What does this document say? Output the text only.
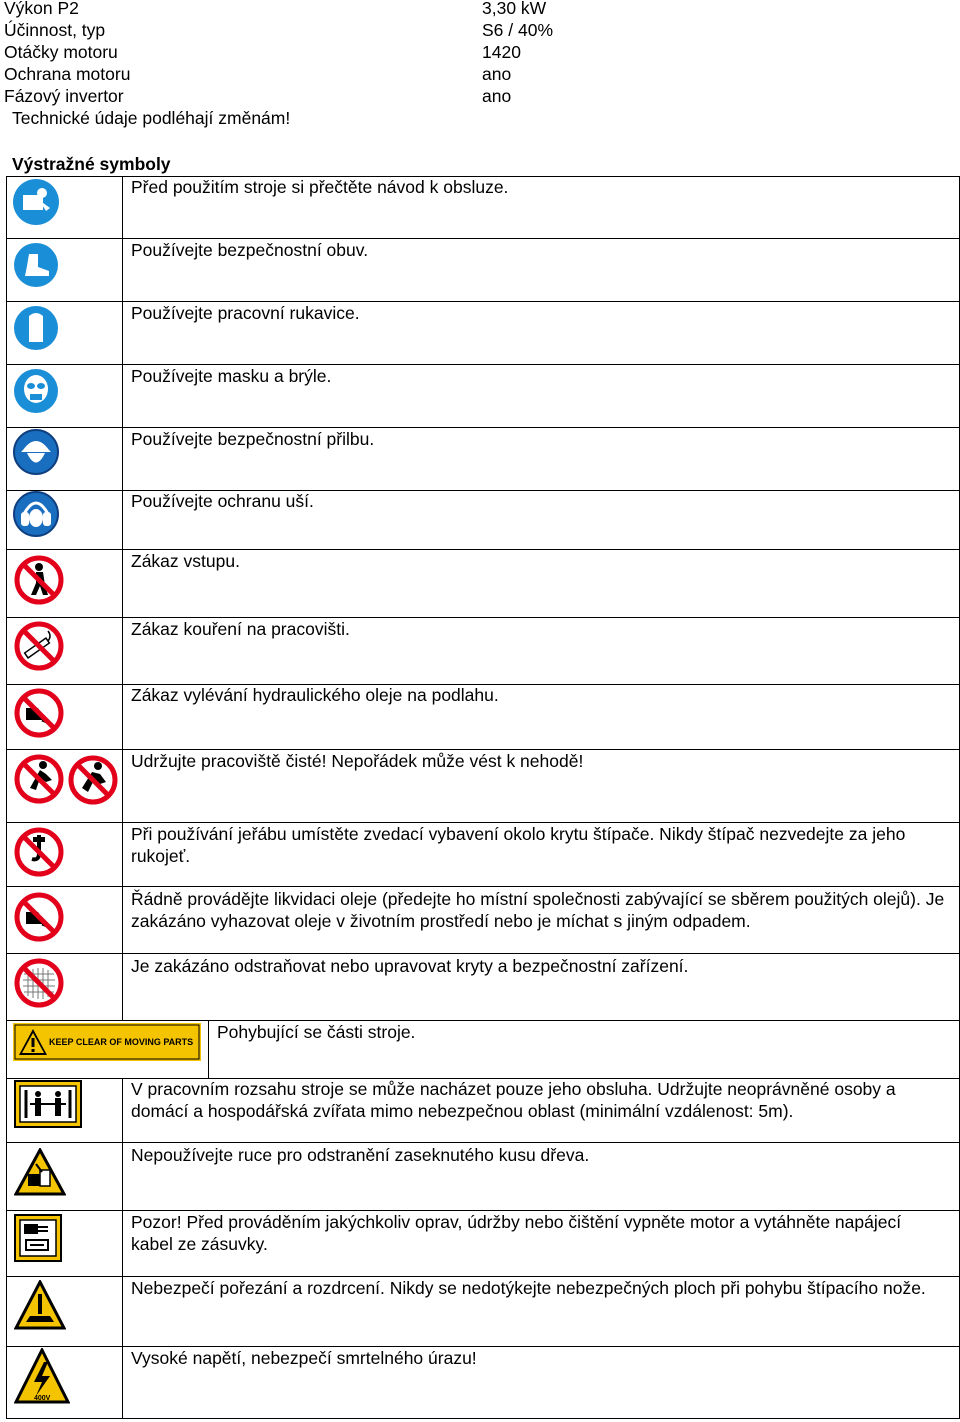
Výkon P2	3,30 kW
Účinnost, typ	S6 / 40%
Otáčky motoru	1420
Ochrana motoru	ano
Fázový invertor	ano
Technické údaje podléhají změnám!
Výstražné symboly
Před použitím stroje si přečtěte návod k obsluze.
Používejte bezpečnostní obuv.
Používejte pracovní rukavice.
Používejte masku a brýle.
Používejte bezpečnostní přilbu.
Používejte ochranu uší.
Zákaz vstupu.
Zákaz kouření na pracovišti.
Zákaz vylévání hydraulického oleje na podlahu.
Udržujte pracoviště čisté! Nepořádek může vést k nehodě!
Při používání jeřábu umístěte zvedací vybavení okolo krytu štípače. Nikdy štípač nezvedejte za jeho rukojeť.
Řádně provádějte likvidaci oleje (předejte ho místní společnosti zabývající se sběrem použitých olejů). Je zakázáno vyhazovat oleje v životním prostředí nebo je míchat s jiným odpadem.
Je zakázáno odstraňovat nebo upravovat kryty a bezpečnostní zařízení.
Pohybující se části stroje.
V pracovním rozsahu stroje se může nacházet pouze jeho obsluha. Udržujte neoprávněné osoby a domácí a hospodářská zvířata mimo nebezpečnou oblast (minimální vzdálenost: 5m).
Nepoužívejte ruce pro odstranění zaseknutého kusu dřeva.
Pozor! Před prováděním jakýchkoliv oprav, údržby nebo čištění vypněte motor a vytáhněte napájecí kabel ze zásuvky.
Nebezpečí pořezání a rozdrcení. Nikdy se nedotýkejte nebezpečných ploch při pohybu štípacího nože.
Vysoké napětí, nebezpečí smrtelného úrazu!
KEEP CLEAR OF MOVING PARTS
400V
